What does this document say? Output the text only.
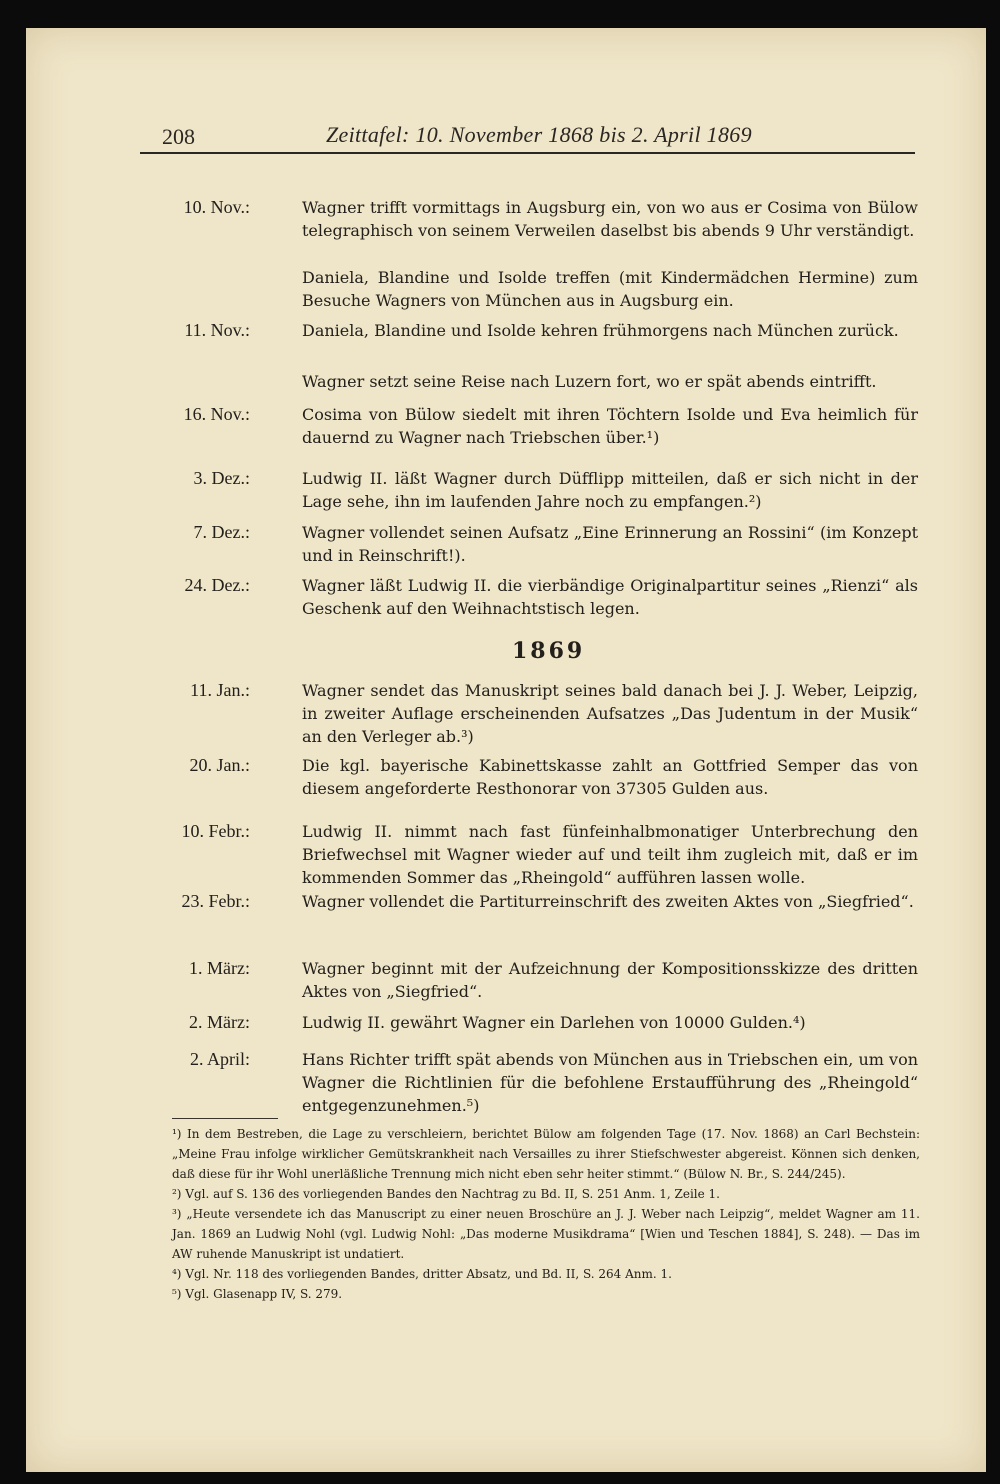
208	Zeittafel: 10. November 1868 bis 2. April 1869
10. Nov.:	Wagner trifft vormittags in Augsburg ein, von wo aus er Cosima von Bülow telegraphisch von seinem Verweilen daselbst bis abends 9 Uhr verständigt.
Daniela, Blandine und Isolde treffen (mit Kindermädchen Hermine) zum Besuche Wagners von München aus in Augsburg ein.
11. Nov.:	Daniela, Blandine und Isolde kehren frühmorgens nach München zurück.
Wagner setzt seine Reise nach Luzern fort, wo er spät abends eintrifft.
16. Nov.:	Cosima von Bülow siedelt mit ihren Töchtern Isolde und Eva heimlich für dauernd zu Wagner nach Triebschen über.¹)
3. Dez.:	Ludwig II. läßt Wagner durch Düfflipp mitteilen, daß er sich nicht in der Lage sehe, ihn im laufenden Jahre noch zu empfangen.²)
7. Dez.:	Wagner vollendet seinen Aufsatz „Eine Erinnerung an Rossini“ (im Konzept und in Reinschrift!).
24. Dez.:	Wagner läßt Ludwig II. die vierbändige Originalpartitur seines „Rienzi“ als Geschenk auf den Weihnachtstisch legen.
1869
11. Jan.:	Wagner sendet das Manuskript seines bald danach bei J. J. Weber, Leipzig, in zweiter Auflage erscheinenden Aufsatzes „Das Judentum in der Musik“ an den Verleger ab.³)
20. Jan.:	Die kgl. bayerische Kabinettskasse zahlt an Gottfried Semper das von diesem angeforderte Resthonorar von 37305 Gulden aus.
10. Febr.:	Ludwig II. nimmt nach fast fünfeinhalbmonatiger Unterbrechung den Briefwechsel mit Wagner wieder auf und teilt ihm zugleich mit, daß er im kommenden Sommer das „Rheingold“ aufführen lassen wolle.
23. Febr.:	Wagner vollendet die Partiturreinschrift des zweiten Aktes von „Siegfried“.
1. März:	Wagner beginnt mit der Aufzeichnung der Kompositionsskizze des dritten Aktes von „Siegfried“.
2. März:	Ludwig II. gewährt Wagner ein Darlehen von 10000 Gulden.⁴)
2. April:	Hans Richter trifft spät abends von München aus in Triebschen ein, um von Wagner die Richtlinien für die befohlene Erstaufführung des „Rheingold“ entgegenzunehmen.⁵)

¹) In dem Bestreben, die Lage zu verschleiern, berichtet Bülow am folgenden Tage (17. Nov. 1868) an Carl Bechstein: „Meine Frau infolge wirklicher Gemütskrankheit nach Versailles zu ihrer Stiefschwester abgereist. Können sich denken, daß diese für ihr Wohl unerläßliche Trennung mich nicht eben sehr heiter stimmt.“ (Bülow N. Br., S. 244/245).

²) Vgl. auf S. 136 des vorliegenden Bandes den Nachtrag zu Bd. II, S. 251 Anm. 1, Zeile 1.

³) „Heute versendete ich das Manuscript zu einer neuen Broschüre an J. J. Weber nach Leipzig“, meldet Wagner am 11. Jan. 1869 an Ludwig Nohl (vgl. Ludwig Nohl: „Das moderne Musikdrama“ [Wien und Teschen 1884], S. 248). — Das im AW ruhende Manuskript ist undatiert.

⁴) Vgl. Nr. 118 des vorliegenden Bandes, dritter Absatz, und Bd. II, S. 264 Anm. 1.

⁵) Vgl. Glasenapp IV, S. 279.
